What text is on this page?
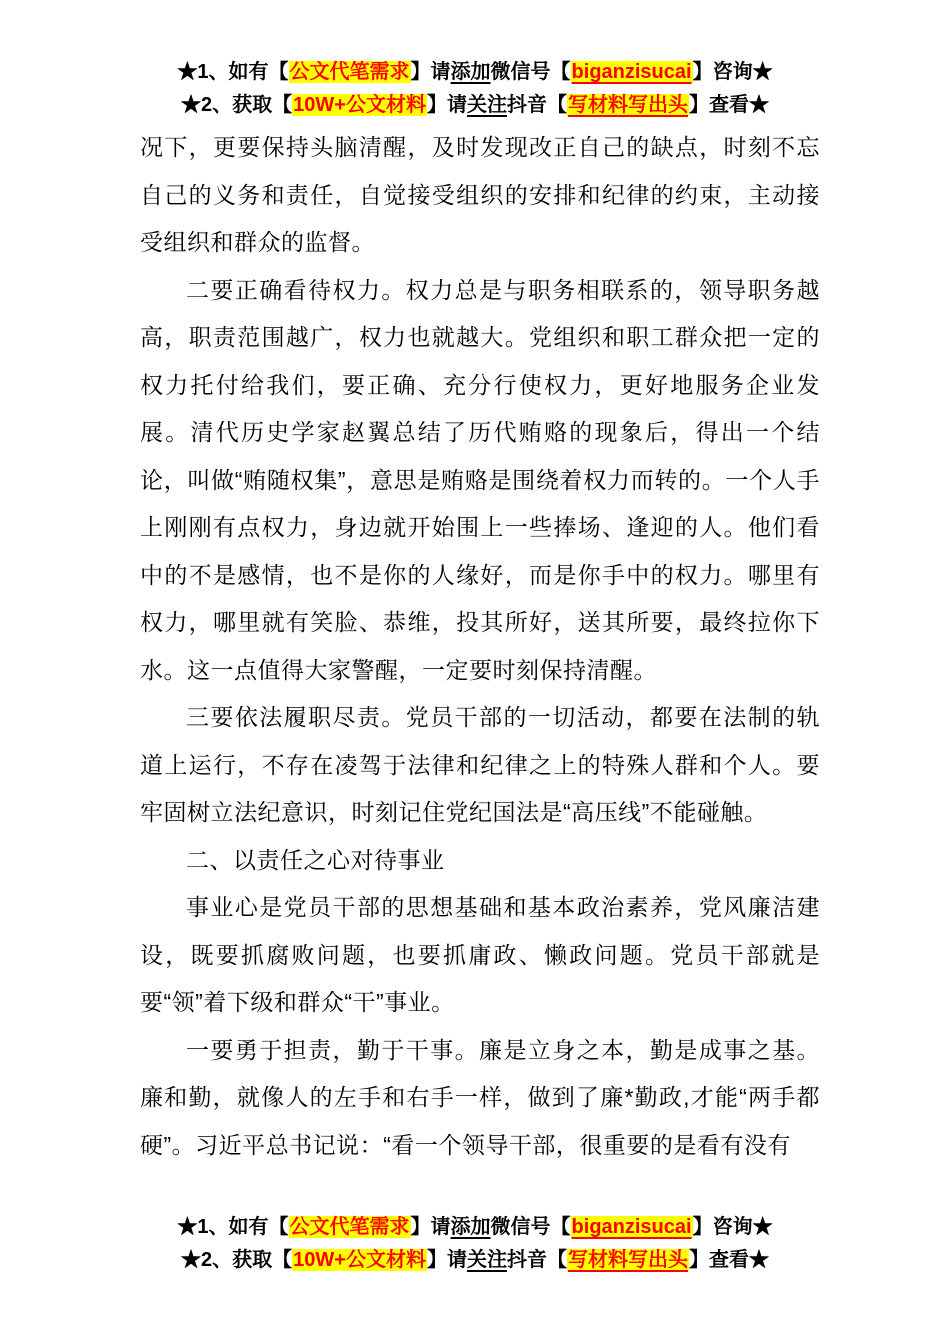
★1、如有【公文代笔需求】请添加微信号【biganzisucai】咨询★
★2、获取【10W+公文材料】请关注抖音【写材料写出头】查看★

况下，更要保持头脑清醒，及时发现改正自己的缺点，时刻不忘自己的义务和责任，自觉接受组织的安排和纪律的约束，主动接受组织和群众的监督。

二要正确看待权力。权力总是与职务相联系的，领导职务越高，职责范围越广，权力也就越大。党组织和职工群众把一定的权力托付给我们，要正确、充分行使权力，更好地服务企业发展。清代历史学家赵翼总结了历代贿赂的现象后，得出一个结论，叫做“贿随权集”，意思是贿赂是围绕着权力而转的。一个人手上刚刚有点权力，身边就开始围上一些捧场、逢迎的人。他们看中的不是感情，也不是你的人缘好，而是你手中的权力。哪里有权力，哪里就有笑脸、恭维，投其所好，送其所要，最终拉你下水。这一点值得大家警醒，一定要时刻保持清醒。

三要依法履职尽责。党员干部的一切活动，都要在法制的轨道上运行，不存在凌驾于法律和纪律之上的特殊人群和个人。要牢固树立法纪意识，时刻记住党纪国法是“高压线”不能碰触。

二、以责任之心对待事业

事业心是党员干部的思想基础和基本政治素养，党风廉洁建设，既要抓腐败问题，也要抓庸政、懒政问题。党员干部就是要“领”着下级和群众“干”事业。

一要勇于担责，勤于干事。廉是立身之本，勤是成事之基。廉和勤，就像人的左手和右手一样，做到了廉*勤政,才能“两手都硬”。习近平总书记说：“看一个领导干部，很重要的是看有没有

★1、如有【公文代笔需求】请添加微信号【biganzisucai】咨询★
★2、获取【10W+公文材料】请关注抖音【写材料写出头】查看★
